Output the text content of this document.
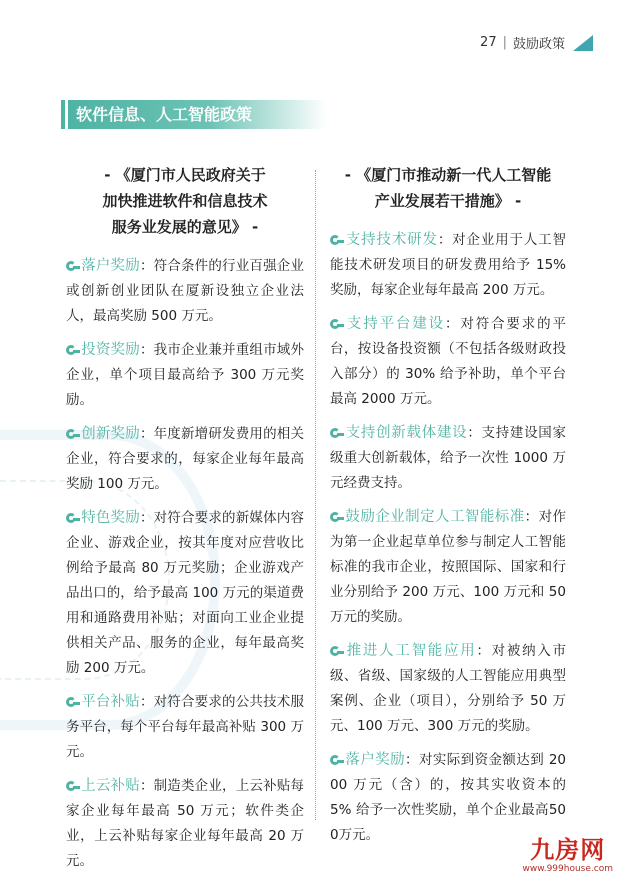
27 | 鼓励政策
软件信息、人工智能政策
- 《厦门市人民政府关于
加快推进软件和信息技术
服务业发展的意见》 -
落户奖励：符合条件的行业百强企业或创新创业团队在厦新设独立企业法人，最高奖励 500 万元。
投资奖励：我市企业兼并重组市域外企业，单个项目最高给予 300 万元奖励。
创新奖励：年度新增研发费用的相关企业，符合要求的，每家企业每年最高奖励 100 万元。
特色奖励：对符合要求的新媒体内容企业、游戏企业，按其年度对应营收比例给予最高 80 万元奖励；企业游戏产品出口的，给予最高 100 万元的渠道费用和通路费用补贴；对面向工业企业提供相关产品、服务的企业，每年最高奖励 200 万元。
平台补贴：对符合要求的公共技术服务平台，每个平台每年最高补贴 300 万元。
上云补贴：制造类企业，上云补贴每家企业每年最高 50 万元；软件类企业，上云补贴每家企业每年最高 20 万元。
- 《厦门市推动新一代人工智能
产业发展若干措施》 -
支持技术研发：对企业用于人工智能技术研发项目的研发费用给予 15% 奖励，每家企业每年最高 200 万元。
支持平台建设：对符合要求的平台，按设备投资额（不包括各级财政投入部分）的 30% 给予补助，单个平台最高 2000 万元。
支持创新载体建设：支持建设国家级重大创新载体，给予一次性 1000 万元经费支持。
鼓励企业制定人工智能标准：对作为第一企业起草单位参与制定人工智能标准的我市企业，按照国际、国家和行业分别给予 200 万元、100 万元和 50 万元的奖励。
推进人工智能应用：对被纳入市级、省级、国家级的人工智能应用典型案例、企业（项目），分别给予 50 万元、100 万元、300 万元的奖励。
落户奖励：对实际到资金额达到 2000 万元（含）的，按其实收资本的 5% 给予一次性奖励，单个企业最高500万元。
九房网
www.999house.com
